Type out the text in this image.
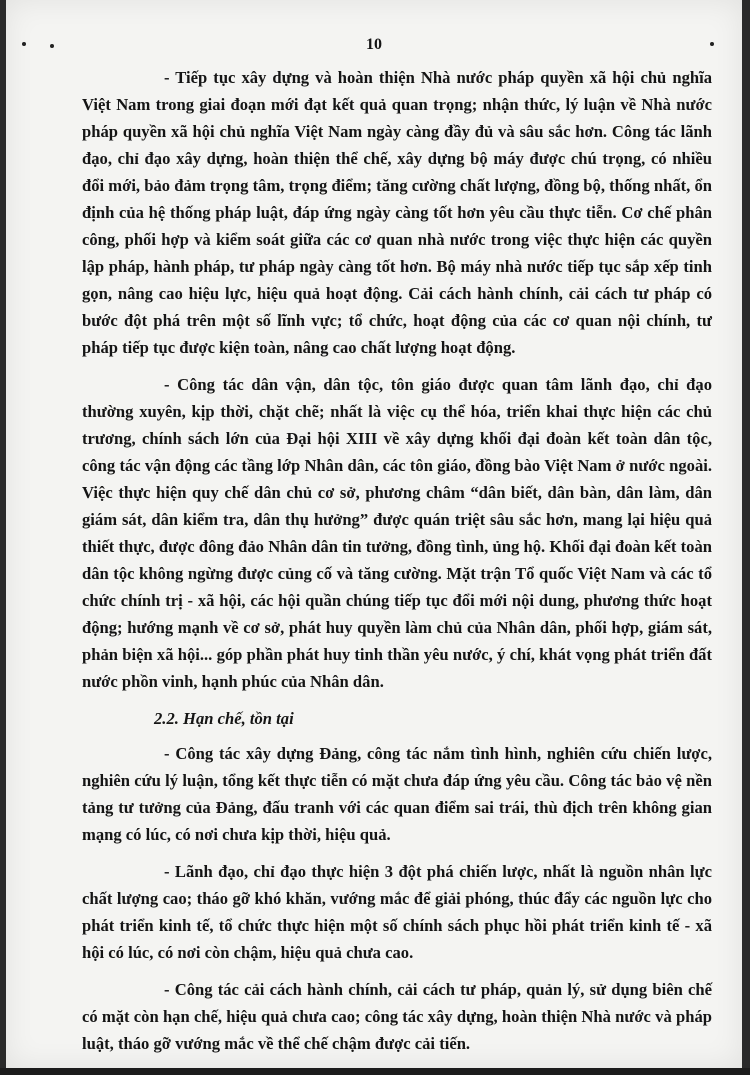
10

- Tiếp tục xây dựng và hoàn thiện Nhà nước pháp quyền xã hội chủ nghĩa Việt Nam trong giai đoạn mới đạt kết quả quan trọng; nhận thức, lý luận về Nhà nước pháp quyền xã hội chủ nghĩa Việt Nam ngày càng đầy đủ và sâu sắc hơn. Công tác lãnh đạo, chỉ đạo xây dựng, hoàn thiện thể chế, xây dựng bộ máy được chú trọng, có nhiều đổi mới, bảo đảm trọng tâm, trọng điểm; tăng cường chất lượng, đồng bộ, thống nhất, ổn định của hệ thống pháp luật, đáp ứng ngày càng tốt hơn yêu cầu thực tiễn. Cơ chế phân công, phối hợp và kiểm soát giữa các cơ quan nhà nước trong việc thực hiện các quyền lập pháp, hành pháp, tư pháp ngày càng tốt hơn. Bộ máy nhà nước tiếp tục sắp xếp tinh gọn, nâng cao hiệu lực, hiệu quả hoạt động. Cải cách hành chính, cải cách tư pháp có bước đột phá trên một số lĩnh vực; tổ chức, hoạt động của các cơ quan nội chính, tư pháp tiếp tục được kiện toàn, nâng cao chất lượng hoạt động.

- Công tác dân vận, dân tộc, tôn giáo được quan tâm lãnh đạo, chỉ đạo thường xuyên, kịp thời, chặt chẽ; nhất là việc cụ thể hóa, triển khai thực hiện các chủ trương, chính sách lớn của Đại hội XIII về xây dựng khối đại đoàn kết toàn dân tộc, công tác vận động các tầng lớp Nhân dân, các tôn giáo, đồng bào Việt Nam ở nước ngoài. Việc thực hiện quy chế dân chủ cơ sở, phương châm “dân biết, dân bàn, dân làm, dân giám sát, dân kiểm tra, dân thụ hưởng” được quán triệt sâu sắc hơn, mang lại hiệu quả thiết thực, được đông đảo Nhân dân tin tưởng, đồng tình, ủng hộ. Khối đại đoàn kết toàn dân tộc không ngừng được củng cố và tăng cường. Mặt trận Tổ quốc Việt Nam và các tổ chức chính trị - xã hội, các hội quần chúng tiếp tục đổi mới nội dung, phương thức hoạt động; hướng mạnh về cơ sở, phát huy quyền làm chủ của Nhân dân, phối hợp, giám sát, phản biện xã hội... góp phần phát huy tinh thần yêu nước, ý chí, khát vọng phát triển đất nước phồn vinh, hạnh phúc của Nhân dân.

2.2. Hạn chế, tồn tại

- Công tác xây dựng Đảng, công tác nắm tình hình, nghiên cứu chiến lược, nghiên cứu lý luận, tổng kết thực tiễn có mặt chưa đáp ứng yêu cầu. Công tác bảo vệ nền tảng tư tưởng của Đảng, đấu tranh với các quan điểm sai trái, thù địch trên không gian mạng có lúc, có nơi chưa kịp thời, hiệu quả.

- Lãnh đạo, chỉ đạo thực hiện 3 đột phá chiến lược, nhất là nguồn nhân lực chất lượng cao; tháo gỡ khó khăn, vướng mắc để giải phóng, thúc đẩy các nguồn lực cho phát triển kinh tế, tổ chức thực hiện một số chính sách phục hồi phát triển kinh tế - xã hội có lúc, có nơi còn chậm, hiệu quả chưa cao.

- Công tác cải cách hành chính, cải cách tư pháp, quản lý, sử dụng biên chế có mặt còn hạn chế, hiệu quả chưa cao; công tác xây dựng, hoàn thiện Nhà nước và pháp luật, tháo gỡ vướng mắc về thể chế chậm được cải tiến.
